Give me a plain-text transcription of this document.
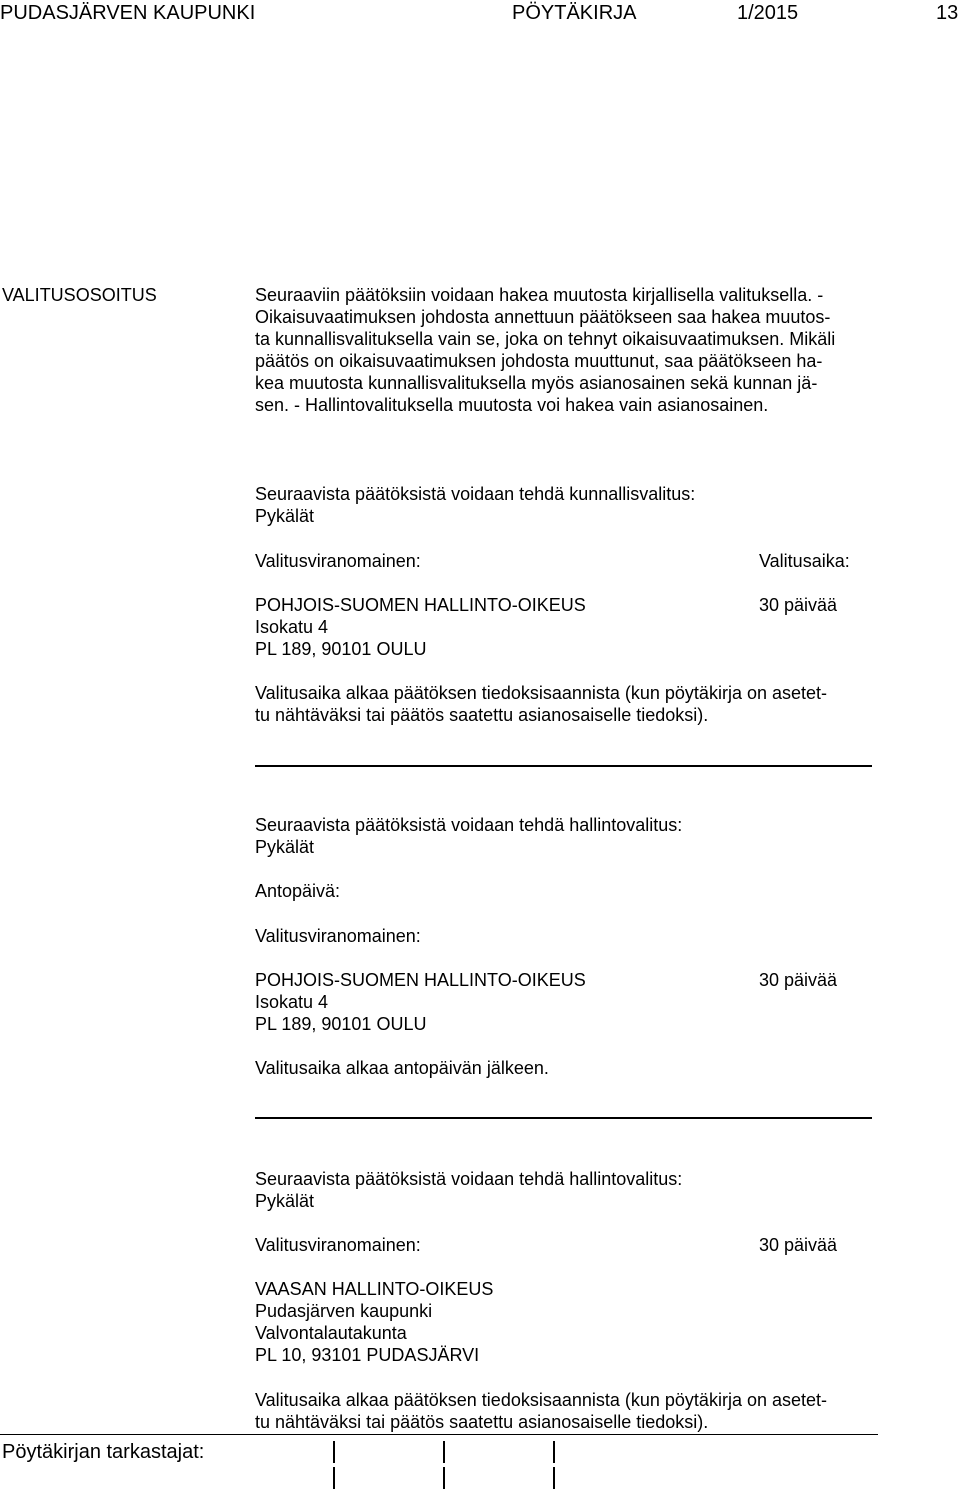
PUDASJÄRVEN KAUPUNKI	PÖYTÄKIRJA	1/2015	13
VALITUSOSOITUS	Seuraaviin päätöksiin voidaan hakea muutosta kirjallisella valituksella. -
Oikaisuvaatimuksen johdosta annettuun päätökseen saa hakea muutos-
ta kunnallisvalituksella vain se, joka on tehnyt oikaisuvaatimuksen. Mikäli
päätös on oikaisuvaatimuksen johdosta muuttunut, saa päätökseen ha-
kea muutosta kunnallisvalituksella myös asianosainen sekä kunnan jä-
sen. - Hallintovalituksella muutosta voi hakea vain asianosainen.
Seuraavista päätöksistä voidaan tehdä kunnallisvalitus:
Pykälät
Valitusviranomainen:	Valitusaika:
POHJOIS-SUOMEN HALLINTO-OIKEUS	30 päivää
Isokatu 4
PL 189, 90101 OULU
Valitusaika alkaa päätöksen tiedoksisaannista (kun pöytäkirja on asetet-
tu nähtäväksi tai päätös saatettu asianosaiselle tiedoksi).
Seuraavista päätöksistä voidaan tehdä hallintovalitus:
Pykälät
Antopäivä:
Valitusviranomainen:
POHJOIS-SUOMEN HALLINTO-OIKEUS	30 päivää
Isokatu 4
PL 189, 90101 OULU
Valitusaika alkaa antopäivän jälkeen.
Seuraavista päätöksistä voidaan tehdä hallintovalitus:
Pykälät
Valitusviranomainen:	30 päivää
VAASAN HALLINTO-OIKEUS
Pudasjärven kaupunki
Valvontalautakunta
PL 10, 93101 PUDASJÄRVI
Valitusaika alkaa päätöksen tiedoksisaannista (kun pöytäkirja on asetet-
tu nähtäväksi tai päätös saatettu asianosaiselle tiedoksi).
Pöytäkirjan tarkastajat:
